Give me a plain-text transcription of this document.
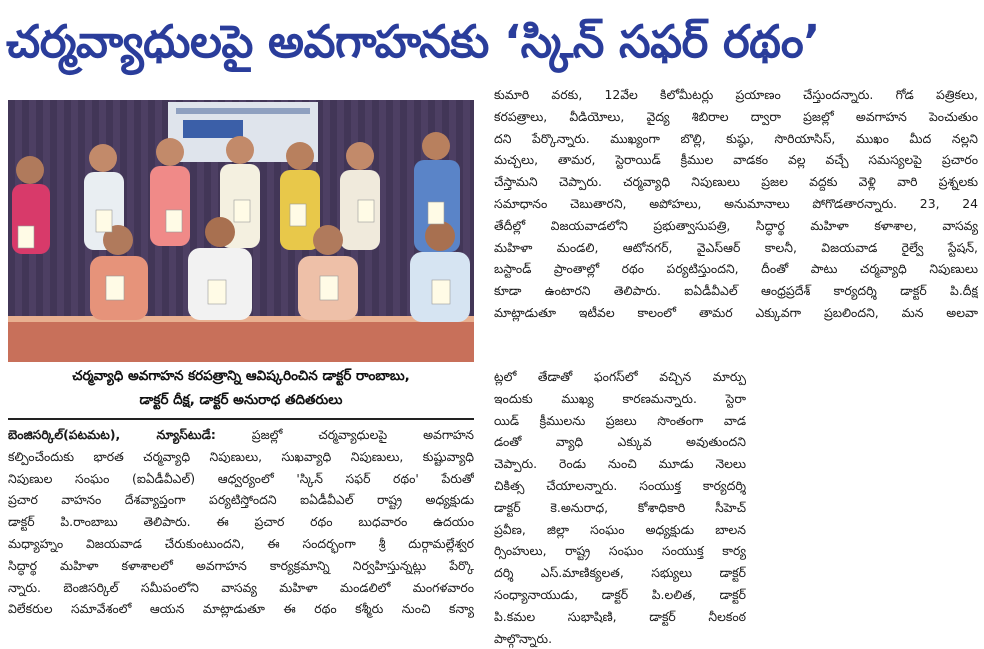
చర్మవ్యాధులపై అవగాహనకు ‘స్కిన్ సఫర్ రథం’
చర్మవ్యాధి అవగాహన కరపత్రాన్ని ఆవిష్కరించిన డాక్టర్ రాంబాబు,
డాక్టర్ దీక్ష, డాక్టర్ అనురాధ తదితరులు
బెంజిసర్కిల్(పటమట), న్యూస్‌టుడే:	ప్రజల్లో చర్మవ్యాధులపై అవగాహన
కల్పించేందుకు భారత చర్మవ్యాధి నిపుణులు, సుఖవ్యాధి నిపుణులు, కుష్టువ్యాధి
నిపుణుల సంఘం (ఐఏడీవీఎల్) ఆధ్వర్యంలో 'స్కిన్ సఫర్ రథం' పేరుతో
ప్రచార వాహనం దేశవ్యాప్తంగా పర్యటిస్తోందని ఐఏడీవీఎల్ రాష్ట్ర అధ్యక్షుడు
డాక్టర్ పి.రాంబాబు తెలిపారు. ఈ ప్రచార రథం బుధవారం ఉదయం
మధ్యాహ్నం విజయవాడ చేరుకుంటుందని, ఈ సందర్భంగా శ్రీ దుర్గామల్లేశ్వర
సిద్ధార్థ మహిళా కళాశాలలో అవగాహన కార్యక్రమాన్ని నిర్వహిస్తున్నట్లు పేర్కొ
న్నారు. బెంజిసర్కిల్ సమీపంలోని వాసవ్య మహిళా మండలిలో మంగళవారం
విలేకరుల సమావేశంలో ఆయన మాట్లాడుతూ ఈ రథం కశ్మీరు నుంచి కన్యా
కుమారి వరకు, 12వేల కిలోమీటర్లు ప్రయాణం చేస్తుందన్నారు. గోడ పత్రికలు,
కరపత్రాలు, వీడియోలు, వైద్య శిబిరాల ద్వారా ప్రజల్లో అవగాహన పెంచుతుం
దని పేర్కొన్నారు. ముఖ్యంగా బొల్లి, కుష్ఠు, సొరియాసిస్, ముఖం మీద నల్లని
మచ్చలు, తామర, స్టెరాయిడ్ క్రీముల వాడకం వల్ల వచ్చే సమస్యలపై ప్రచారం
చేస్తామని చెప్పారు. చర్మవ్యాధి నిపుణులు ప్రజల వద్దకు వెళ్లి వారి ప్రశ్నలకు
సమాధానం చెబుతారని, అపోహలు, అనుమానాలు పోగొడతారన్నారు. 23, 24
తేదీల్లో విజయవాడలోని ప్రభుత్వాసుపత్రి, సిద్ధార్థ మహిళా కళాశాల, వాసవ్య
మహిళా మండలి, ఆటోనగర్, వైఎస్ఆర్ కాలనీ, విజయవాడ రైల్వే స్టేషన్,
బస్టాండ్ ప్రాంతాల్లో రథం పర్యటిస్తుందని, దీంతో పాటు చర్మవ్యాధి నిపుణులు
కూడా ఉంటారని తెలిపారు. ఐఏడీవీఎల్ ఆంధ్రప్రదేశ్ కార్యదర్శి డాక్టర్ పి.దీక్ష
మాట్లాడుతూ ఇటీవల కాలంలో తామర ఎక్కువగా ప్రబలిందని, మన అలవా
ట్లలో తేడాతో ఫంగస్‌లో వచ్చిన మార్పు
ఇందుకు ముఖ్య కారణమన్నారు. స్టెరా
యిడ్ క్రీములను ప్రజలు సొంతంగా వాడ
డంతో వ్యాధి ఎక్కువ అవుతుందని
చెప్పారు. రెండు నుంచి మూడు నెలలు
చికిత్స చేయాలన్నారు. సంయుక్త కార్యదర్శి
డాక్టర్ కె.అనురాధ, కోశాధికారి సీహెచ్
ప్రవీణ, జిల్లా సంఘం అధ్యక్షుడు బాలన
ర్సింహులు, రాష్ట్ర సంఘం సంయుక్త కార్య
దర్శి ఎస్.మాణిక్యలత, సభ్యులు డాక్టర్
సంధ్యానాయుడు, డాక్టర్ పి.లలిత, డాక్టర్
పి.కమల సుభాషిణి, డాక్టర్ నీలకంఠ
పాల్గొన్నారు.
